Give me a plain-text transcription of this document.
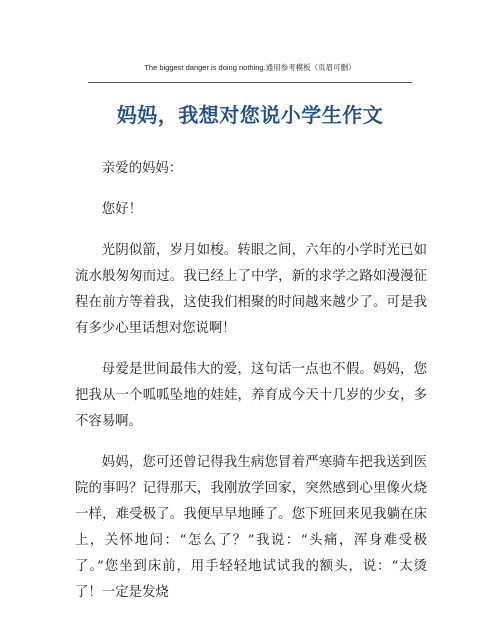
The biggest danger is doing nothing.通用参考模板（页眉可删）
妈妈，我想对您说小学生作文

亲爱的妈妈：

您好！

光阴似箭，岁月如梭。转眼之间，六年的小学时光已如流水般匆匆而过。我已经上了中学，新的求学之路如漫漫征程在前方等着我，这使我们相聚的时间越来越少了。可是我有多少心里话想对您说啊！

母爱是世间最伟大的爱，这句话一点也不假。妈妈，您把我从一个呱呱坠地的娃娃，养育成今天十几岁的少女，多不容易啊。

妈妈，您可还曾记得我生病您冒着严寒骑车把我送到医院的事吗？记得那天，我刚放学回家，突然感到心里像火烧一样，难受极了。我便早早地睡了。您下班回来见我躺在床上，关怀地问：“怎么了？”我说：“头痛，浑身难受极了。”您坐到床前，用手轻轻地试试我的额头，说：“太烫了！一定是发烧
